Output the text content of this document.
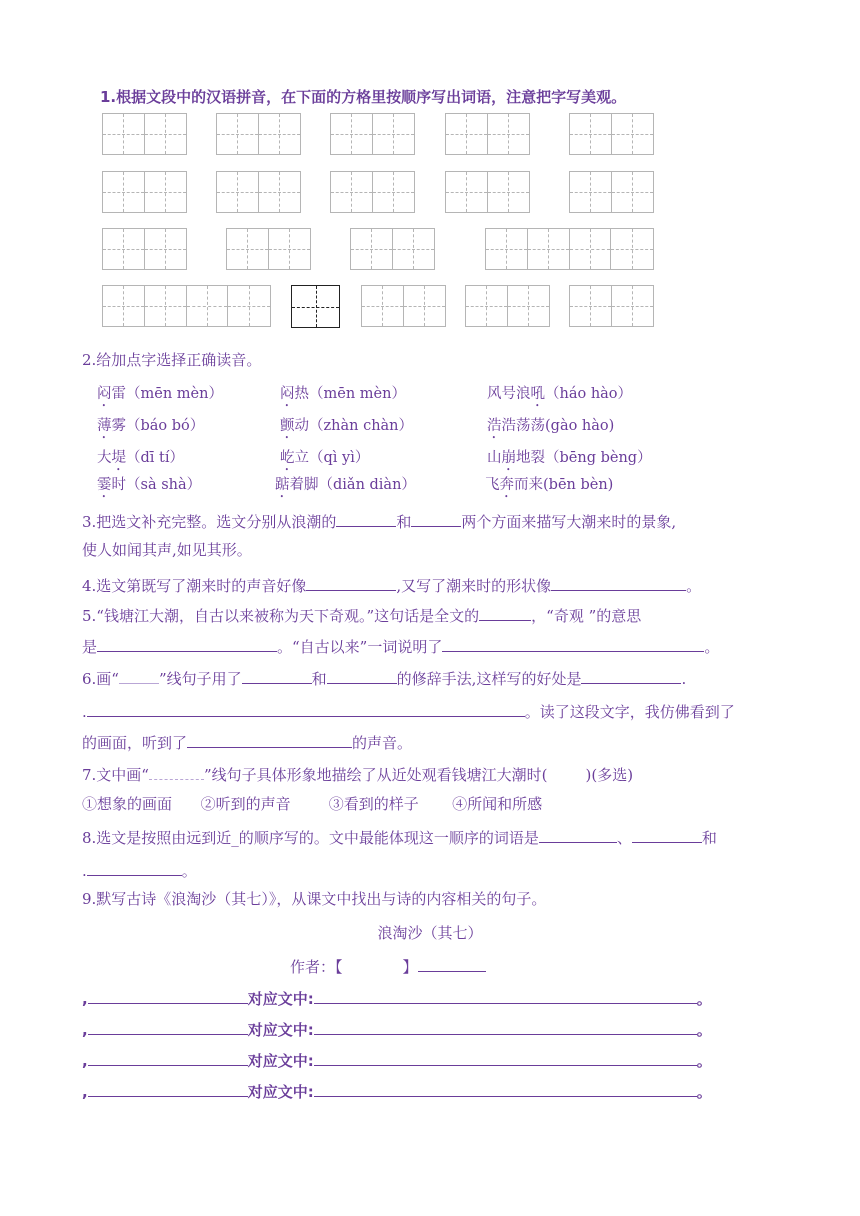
1.根据文段中的汉语拼音，在下面的方格里按顺序写出词语，注意把字写美观。
2.给加点字选择正确读音。
闷雷（mēn mèn）	闷热（mēn mèn）	风号浪吼（háo hào）
薄雾（báo bó）	颤动（zhàn chàn）	浩浩荡荡(gào hào)
大堤（dī tí）	屹立（qì yì）	山崩地裂（bēng bèng）
霎时（sà shà）	踮着脚（diǎn diàn）	飞奔而来(bēn bèn)
3.把选文补充完整。选文分别从浪潮的	和	两个方面来描写大潮来时的景象,
使人如闻其声,如见其形。
4.选文第既写了潮来时的声音好像	,又写了潮来时的形状像	。
5.“钱塘江大潮，自古以来被称为天下奇观。”这句话是全文的	，“奇观 ”的意思
是	。“自古以来”一词说明了	。
6.画“	”线句子用了	和	的修辞手法,这样写的好处是	.
.	。读了这段文字，我仿佛看到了
的画面，听到了	的声音。
7.文中画“	”线句子具体形象地描绘了从近处观看钱塘江大潮时(	)(多选)
①想象的画面      ②听到的声音        ③看到的样子       ④所闻和所感
8.选文是按照由远到近_的顺序写的。文中最能体现这一顺序的词语是	、	和
.	。
9.默写古诗《浪淘沙（其七）》，从课文中找出与诗的内容相关的句子。
浪淘沙（其七）
作者：【	】
,	对应文中:	。
,	对应文中:	。
,	对应文中:	。
,	对应文中:	。
